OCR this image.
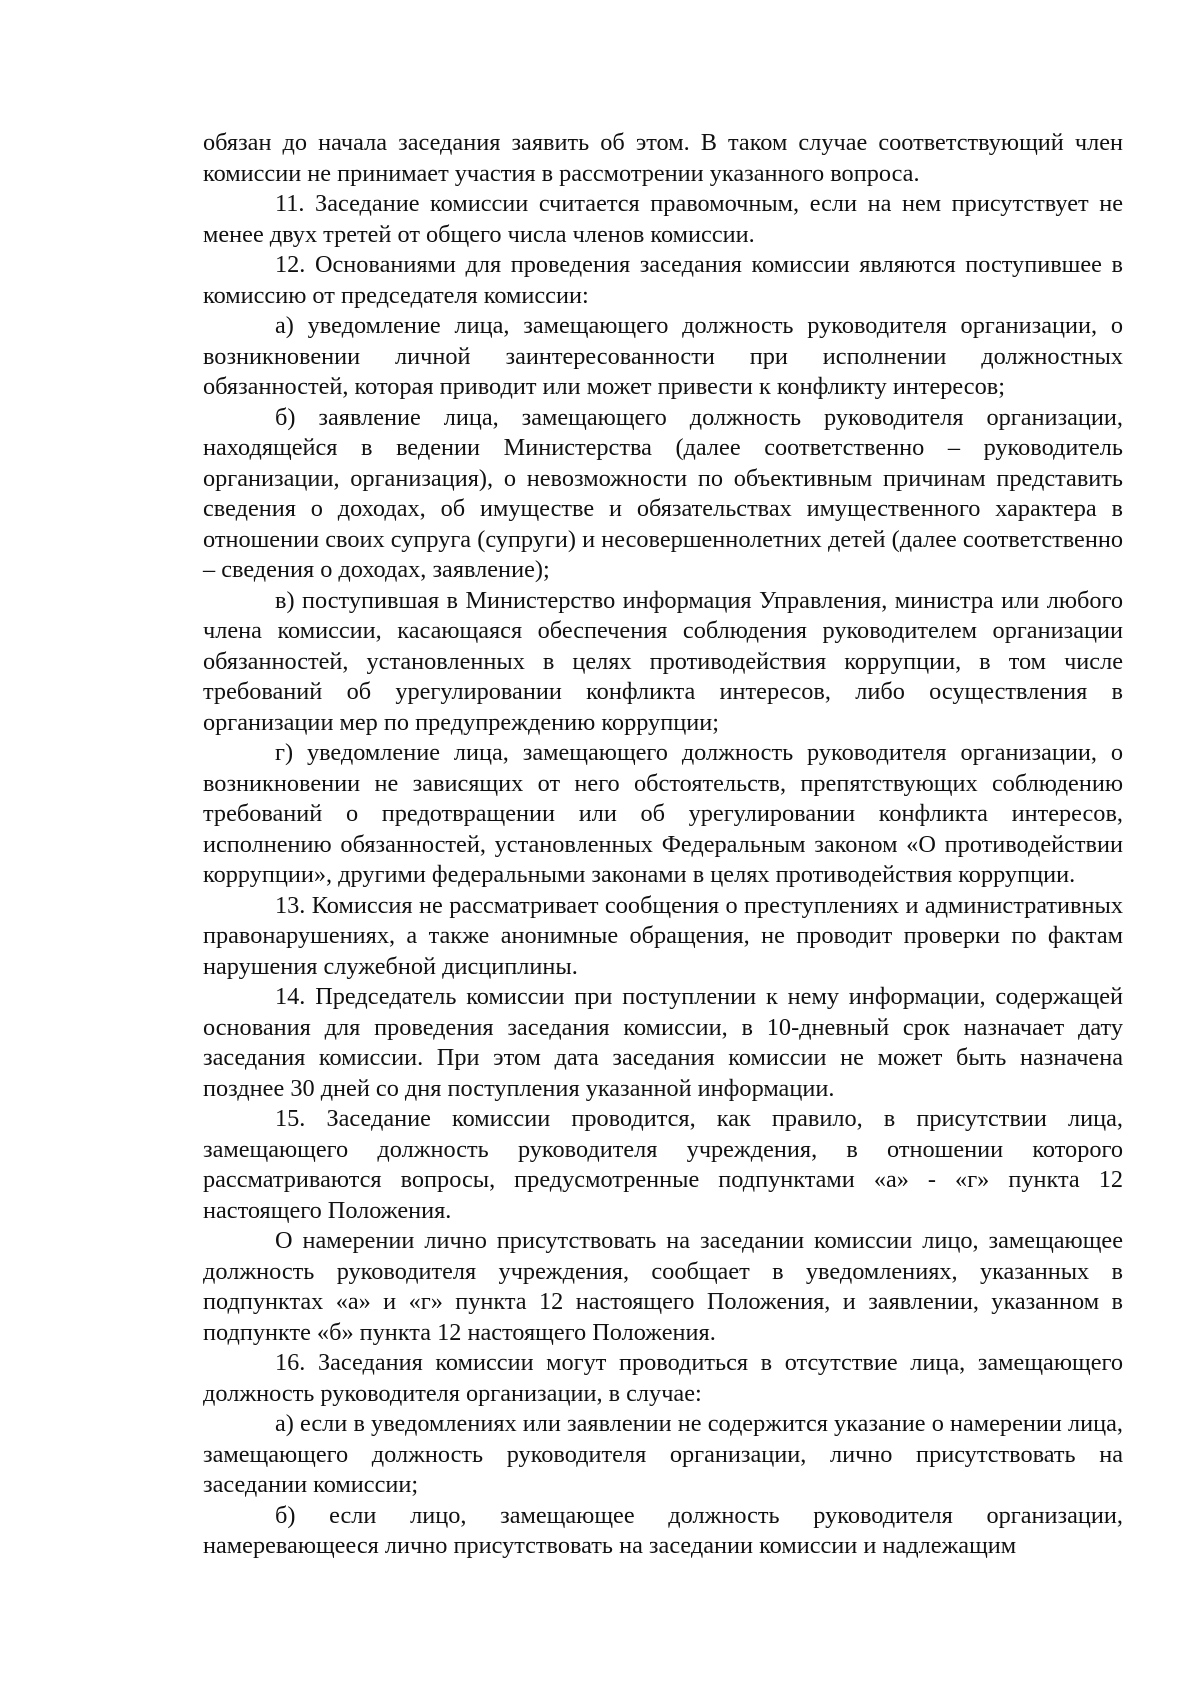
обязан до начала заседания заявить об этом. В таком случае соответствующий член комиссии не принимает участия в рассмотрении указанного вопроса.

11. Заседание комиссии считается правомочным, если на нем присутствует не менее двух третей от общего числа членов комиссии.

12. Основаниями для проведения заседания комиссии являются поступившее в комиссию от председателя комиссии:

а) уведомление лица, замещающего должность руководителя организации, о возникновении личной заинтересованности при исполнении должностных обязанностей, которая приводит или может привести к конфликту интересов;

б) заявление лица, замещающего должность руководителя организации, находящейся в ведении Министерства (далее соответственно – руководитель организации, организация), о невозможности по объективным причинам представить сведения о доходах, об имуществе и обязательствах имущественного характера в отношении своих супруга (супруги) и несовершеннолетних детей (далее соответственно – сведения о доходах, заявление);

в) поступившая в Министерство информация Управления, министра или любого члена комиссии, касающаяся обеспечения соблюдения руководителем организации обязанностей, установленных в целях противодействия коррупции, в том числе требований об урегулировании конфликта интересов, либо осуществления в организации мер по предупреждению коррупции;

г) уведомление лица, замещающего должность руководителя организации, о возникновении не зависящих от него обстоятельств, препятствующих соблюдению требований о предотвращении или об урегулировании конфликта интересов, исполнению обязанностей, установленных Федеральным законом «О противодействии коррупции», другими федеральными законами в целях противодействия коррупции.

13. Комиссия не рассматривает сообщения о преступлениях и административных правонарушениях, а также анонимные обращения, не проводит проверки по фактам нарушения служебной дисциплины.

14. Председатель комиссии при поступлении к нему информации, содержащей основания для проведения заседания комиссии, в 10-дневный срок назначает дату заседания комиссии. При этом дата заседания комиссии не может быть назначена позднее 30 дней со дня поступления указанной информации.

15. Заседание комиссии проводится, как правило, в присутствии лица, замещающего должность руководителя учреждения, в отношении которого рассматриваются вопросы, предусмотренные подпунктами «а» - «г» пункта 12 настоящего Положения.

О намерении лично присутствовать на заседании комиссии лицо, замещающее должность руководителя учреждения, сообщает в уведомлениях, указанных в подпунктах «а» и «г» пункта 12 настоящего Положения, и заявлении, указанном в подпункте «б» пункта 12 настоящего Положения.

16. Заседания комиссии могут проводиться в отсутствие лица, замещающего должность руководителя организации, в случае:

а) если в уведомлениях или заявлении не содержится указание о намерении лица, замещающего должность руководителя организации, лично присутствовать на заседании комиссии;

б) если лицо, замещающее должность руководителя организации, намеревающееся лично присутствовать на заседании комиссии и надлежащим
